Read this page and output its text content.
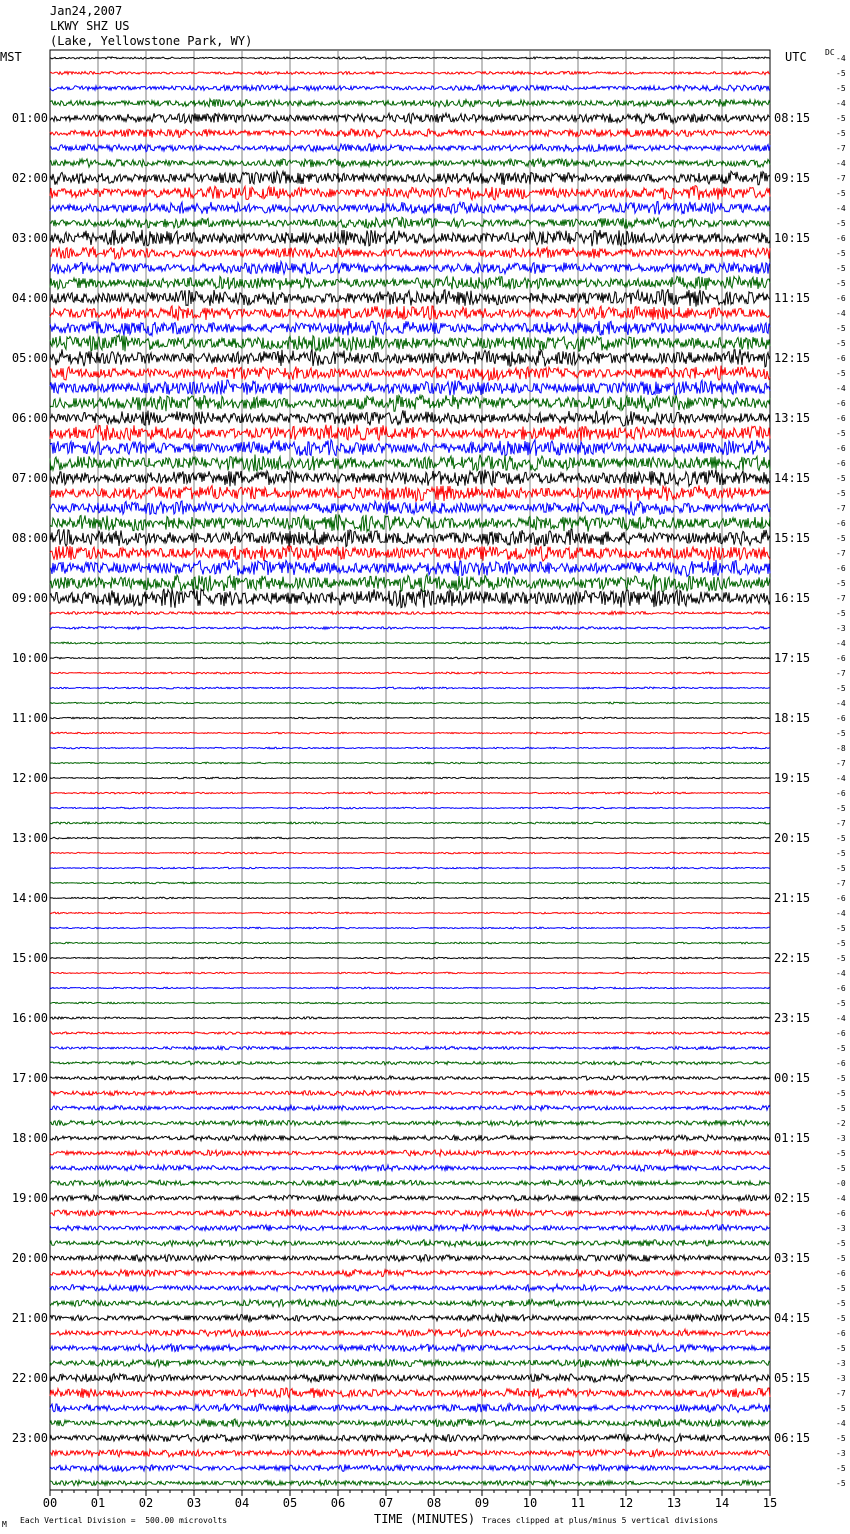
Jan24,2007
LKWY SHZ US
(Lake, Yellowstone Park, WY)
MST	UTC DC
00	01	02	03	04	05	06	07	08	09	10	11	12	13	14	15
-4
-5
-5
-4
-5
-5
-7
-4
-7
-5
-4
-5
-6
-5
-5
-5
-6
-4
-5
-5
-6
-5
-4
-6
-6
-5
-6
-6
-5
-5
-7
-6
-5
-7
-6
-5
-7
-5
-3
-4
-6
-7
-5
-4
-6
-5
-8
-7
-4
-6
-5
-7
-5
-5
-5
-7
-6
-4
-5
-5
-5
-4
-6
-5
-4
-6
-5
-6
-5
-5
-5
-2
-3
-5
-5
-0
-4
-6
-3
-5
-5
-6
-5
-5
-5
-6
-5
-3
-3
-7
-5
-4
-5
-3
-5
-5
01:00
02:00
03:00
04:00
05:00
06:00
07:00
08:00
09:00
10:00
11:00
12:00
13:00
14:00
15:00
16:00
17:00
18:00
19:00
20:00
21:00
22:00
23:00
08:15
09:15
10:15
11:15
12:15
13:15
14:15
15:15
16:15
17:15
18:15
19:15
20:15
21:15
22:15
23:15
00:15
01:15
02:15
03:15
04:15
05:15
06:15
TIME (MINUTES)
M Each Vertical Division =  500.00 microvolts	Traces clipped at plus/minus 5 vertical divisions
